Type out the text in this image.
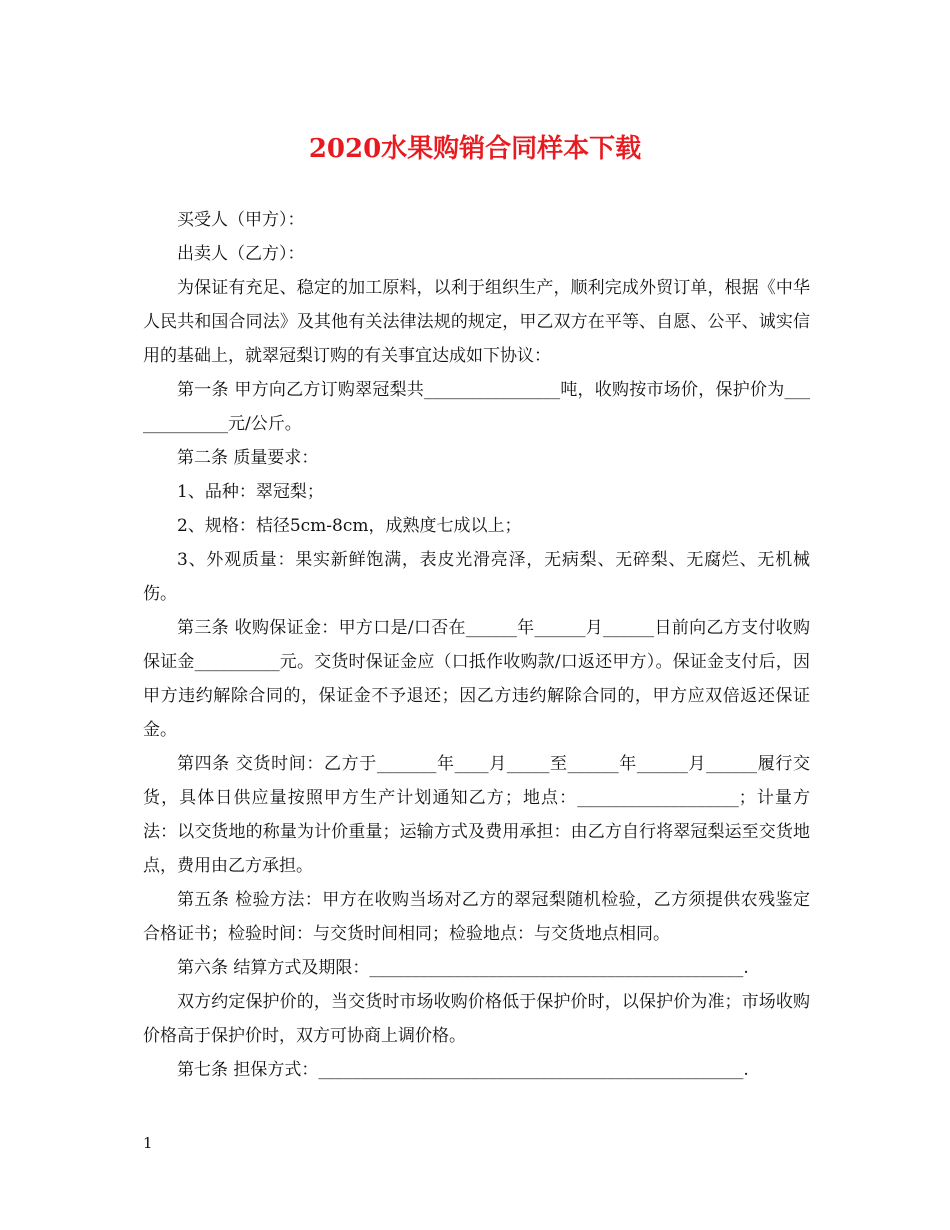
2020水果购销合同样本下载

买受人（甲方）：

出卖人（乙方）：

为保证有充足、稳定的加工原料，以利于组织生产，顺利完成外贸订单，根据《中华人民共和国合同法》及其他有关法律法规的规定，甲乙双方在平等、自愿、公平、诚实信用的基础上，就翠冠梨订购的有关事宜达成如下协议：

第一条 甲方向乙方订购翠冠梨共________________吨，收购按市场价，保护价为_____________元/公斤。

第二条 质量要求：

1、品种：翠冠梨；

2、规格：桔径5cm-8cm，成熟度七成以上；

3、外观质量：果实新鲜饱满，表皮光滑亮泽，无病梨、无碎梨、无腐烂、无机械伤。

第三条 收购保证金：甲方口是/口否在______年______月______日前向乙方支付收购保证金__________元。交货时保证金应（口抵作收购款/口返还甲方）。保证金支付后，因甲方违约解除合同的，保证金不予退还；因乙方违约解除合同的，甲方应双倍返还保证金。

第四条 交货时间：乙方于_______年____月_____至______年______月______履行交货，具体日供应量按照甲方生产计划通知乙方；地点：___________________；计量方法：以交货地的称量为计价重量；运输方式及费用承担：由乙方自行将翠冠梨运至交货地点，费用由乙方承担。

第五条 检验方法：甲方在收购当场对乙方的翠冠梨随机检验，乙方须提供农残鉴定合格证书；检验时间：与交货时间相同；检验地点：与交货地点相同。

第六条 结算方式及期限：____________________________________________.

双方约定保护价的，当交货时市场收购价格低于保护价时，以保护价为准；市场收购价格高于保护价时，双方可协商上调价格。

第七条 担保方式：__________________________________________________.

1
